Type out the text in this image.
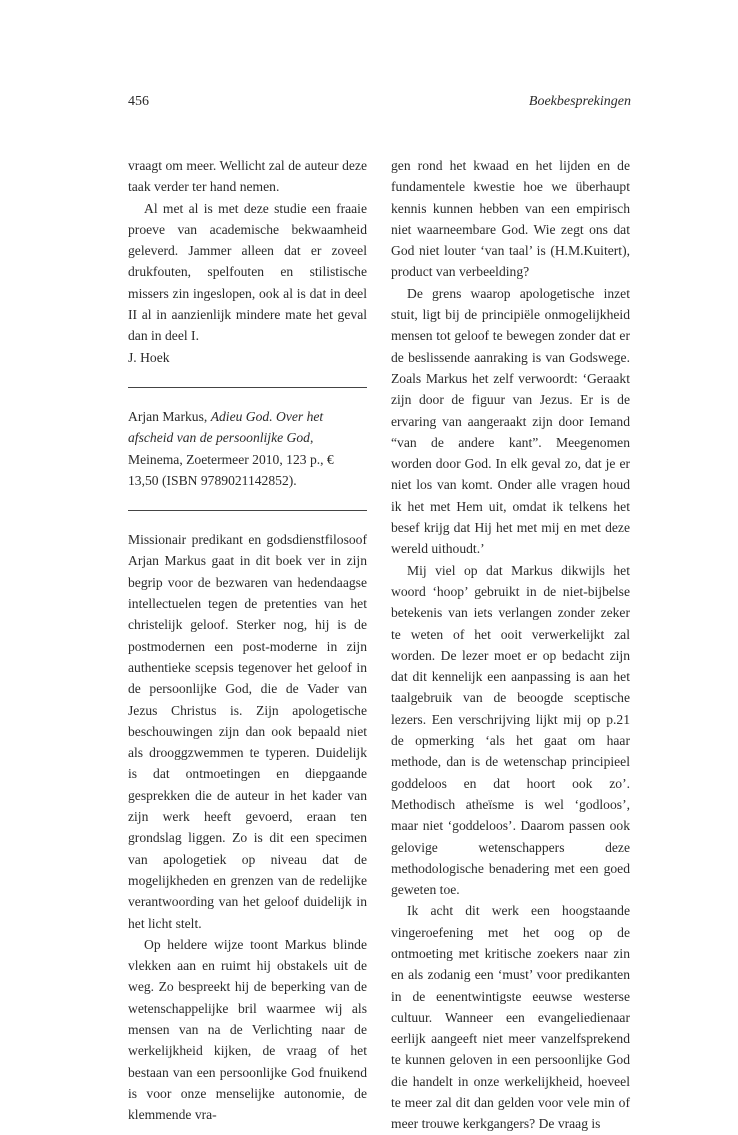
456	Boekbesprekingen

vraagt om meer. Wellicht zal de auteur deze taak verder ter hand nemen.

Al met al is met deze studie een fraaie proeve van academische bekwaamheid geleverd. Jammer alleen dat er zoveel drukfouten, spelfouten en stilistische missers zin ingeslopen, ook al is dat in deel II al in aanzienlijk mindere mate het geval dan in deel I.

J. Hoek

Arjan Markus, Adieu God. Over het afscheid van de persoonlijke God, Meinema, Zoetermeer 2010, 123 p., € 13,50 (ISBN 9789021142852).

Missionair predikant en godsdienstfilosoof Arjan Markus gaat in dit boek ver in zijn begrip voor de bezwaren van hedendaagse intellectuelen tegen de pretenties van het christelijk geloof. Sterker nog, hij is de postmodernen een post-moderne in zijn authentieke scepsis tegenover het geloof in de persoonlijke God, die de Vader van Jezus Christus is. Zijn apologetische beschouwingen zijn dan ook bepaald niet als drooggzwemmen te typeren. Duidelijk is dat ontmoetingen en diepgaande gesprekken die de auteur in het kader van zijn werk heeft gevoerd, eraan ten grondslag liggen. Zo is dit een specimen van apologetiek op niveau dat de mogelijkheden en grenzen van de redelijke verantwoording van het geloof duidelijk in het licht stelt.

Op heldere wijze toont Markus blinde vlekken aan en ruimt hij obstakels uit de weg. Zo bespreekt hij de beperking van de wetenschappelijke bril waarmee wij als mensen van na de Verlichting naar de werkelijkheid kijken, de vraag of het bestaan van een persoonlijke God fnuikend is voor onze menselijke autonomie, de klemmende vra-

gen rond het kwaad en het lijden en de fundamentele kwestie hoe we überhaupt kennis kunnen hebben van een empirisch niet waarneembare God. Wie zegt ons dat God niet louter ‘van taal’ is (H.M.Kuitert), product van verbeelding?

De grens waarop apologetische inzet stuit, ligt bij de principiële onmogelijkheid mensen tot geloof te bewegen zonder dat er de beslissende aanraking is van Godswege. Zoals Markus het zelf verwoordt: ‘Geraakt zijn door de figuur van Jezus. Er is de ervaring van aangeraakt zijn door Iemand “van de andere kant”. Meegenomen worden door God. In elk geval zo, dat je er niet los van komt. Onder alle vragen houd ik het met Hem uit, omdat ik telkens het besef krijg dat Hij het met mij en met deze wereld uithoudt.’

Mij viel op dat Markus dikwijls het woord ‘hoop’ gebruikt in de niet-bijbelse betekenis van iets verlangen zonder zeker te weten of het ooit verwerkelijkt zal worden. De lezer moet er op bedacht zijn dat dit kennelijk een aanpassing is aan het taalgebruik van de beoogde sceptische lezers. Een verschrijving lijkt mij op p.21 de opmerking ‘als het gaat om haar methode, dan is de wetenschap principieel goddeloos en dat hoort ook zo’. Methodisch atheïsme is wel ‘godloos’, maar niet ‘goddeloos’. Daarom passen ook gelovige wetenschappers deze methodologische benadering met een goed geweten toe.

Ik acht dit werk een hoogstaande vingeroefening met het oog op de ontmoeting met kritische zoekers naar zin en als zodanig een ‘must’ voor predikanten in de eenentwintigste eeuwse westerse cultuur. Wanneer een evangeliedienaar eerlijk aangeeft niet meer vanzelfsprekend te kunnen geloven in een persoonlijke God die handelt in onze werkelijkheid, hoeveel te meer zal dit dan gelden voor vele min of meer trouwe kerkgangers? De vraag is
